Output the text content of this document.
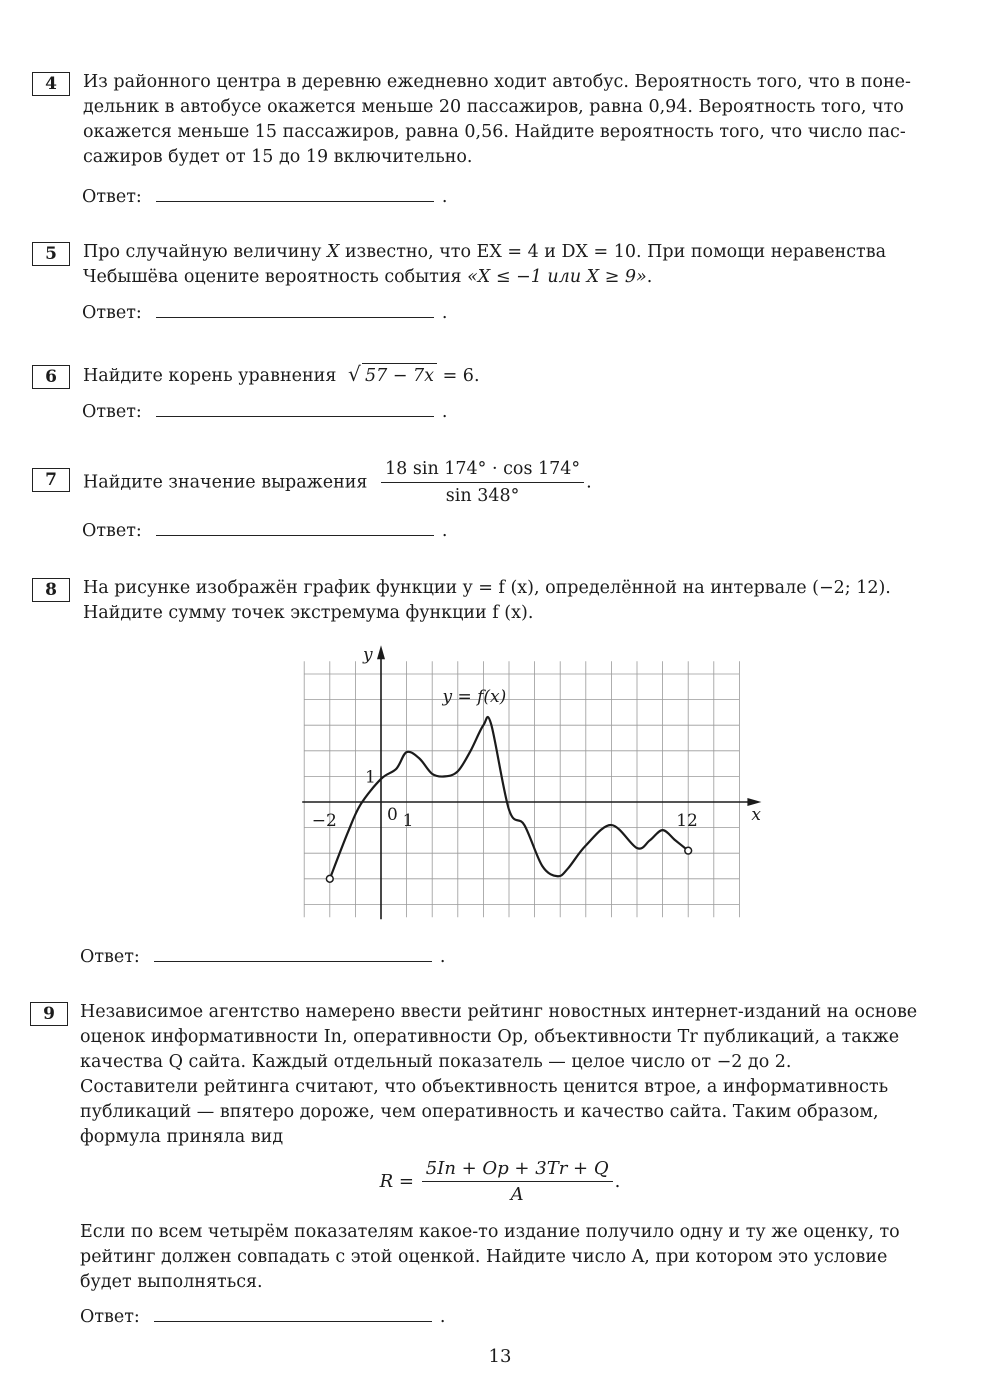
4	Из районного центра в деревню ежедневно ходит автобус. Вероятность того, что в поне-
дельник в автобусе окажется меньше 20 пассажиров, равна 0,94. Вероятность того, что
окажется меньше 15 пассажиров, равна 0,56. Найдите вероятность того, что число пас-
сажиров будет от 15 до 19 включительно.
Ответ:	.
5	Про случайную величину X известно, что EX = 4 и DX = 10. При помощи неравенства
Чебышёва оцените вероятность события «X ≤ −1 или X ≥ 9».
Ответ:	.
6	Найдите корень уравнения √ 57 − 7x = 6.
Ответ:	.
7	Найдите значение выражения $\frac{18 \sin 174^\circ \cdot \cos 174^\circ}{\sin 348^\circ}$ .
Ответ:	.
8	На рисунке изображён график функции y = f (x), определённой на интервале (−2; 12).
Найдите сумму точек экстремума функции f (x).
x
y
0
−2	1	12
1
y = f(x)
Ответ:	.
9	Независимое агентство намерено ввести рейтинг новостных интернет-изданий на основе
оценок информативности In, оперативности Op, объективности Tr публикаций, а также
качества Q сайта. Каждый отдельный показатель — целое число от −2 до 2.
Составители рейтинга считают, что объективность ценится втрое, а информативность
публикаций — впятеро дороже, чем оперативность и качество сайта. Таким образом,
формула приняла вид
$R = \frac{5In + Op + 3Tr + Q}{A}$ .
Если по всем четырём показателям какое-то издание получило одну и ту же оценку, то
рейтинг должен совпадать с этой оценкой. Найдите число A, при котором это условие
будет выполняться.
Ответ:	.
13
